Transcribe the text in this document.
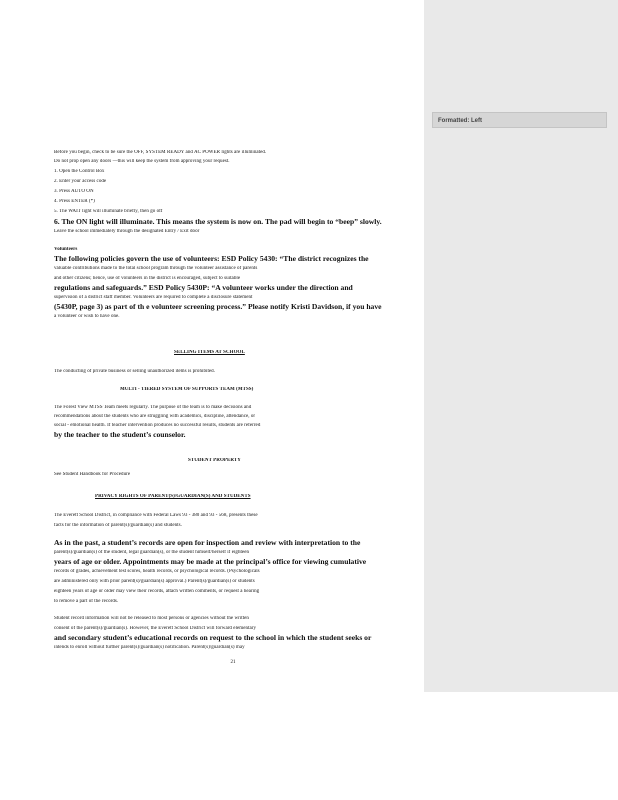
Before you begin, check to be sure the OFF, SYSTEM READY and AC POWER lights are illuminated.
Do not prop open any doors —this will keep the system from approving your request.
1. Open the Control Box
2. Enter your access code
3. Press AUTO ON
4. Press ENTER (*)
5. The WAIT light will illuminate briefly, then go off
6. The ON light will illuminate. This means the system is now on. The pad will begin to “beep” slowly.
Leave the school immediately through the designated Entry / Exit door
Volunteers
The following policies govern the use of volunteers: ESD Policy 5430: “The district recognizes the
valuable contributions made to the total school program through the volunteer assistance of parents
and other citizens; hence, use of volunteers in the district is encouraged, subject to suitable
regulations and safeguards.” ESD Policy 5430P: “A volunteer works under the direction and
supervision of a district staff member. Volunteers are required to complete a disclosure statement
(5430P, page 3) as part of th e volunteer screening process.” Please notify Kristi Davidson, if you have
a volunteer or wish to have one.
SELLING ITEMS AT SCHOOL
The conducting of private business or selling unauthorized items is prohibited.
MULTI - TIERED SYSTEM OF SUPPORTS TEAM (MTSS)
The Forest View MTSS Team meets regularly. The purpose of the team is to make decisions and
recommendations about the students who are struggling with academics, discipline, attendance, or
social - emotional health. If teacher intervention produces no successful results, students are referred
by the teacher to the student’s counselor.
STUDENT PROPERTY
See Student Handbook for Procedure
PRIVACY RIGHTS OF PARENT(S)/GUARDIAN(S) AND STUDENTS
The Everett School District, in compliance with Federal Laws 93 - 380 and 93 - 568, presents these
facts for the information of parent(s)/guardian(s) and students.
As in the past, a student’s records are open for inspection and review with interpretation to the
parent(s)/guardian(s) of the student, legal guardian(s), or the student himself/herself if eighteen
years of age or older. Appointments may be made at the principal’s office for viewing cumulative
records of grades, achievement test scores, health records, or psychological records. (Psychologicals
are administered only with prior parent(s)/guardian(s) approval.) Parent(s)/guardian(s) or students
eighteen years of age or older may view their records, attach written comments, or request a hearing
to remove a part of the records.
Student record information will not be released to most persons or agencies without the written
consent of the parent(s)/guardian(s). However, the Everett School District will forward elementary
and secondary student’s educational records on request to the school in which the student seeks or
intends to enroll without further parent(s)/guardian(s) notification. Parent(s)/guardian(s) may
21
Formatted: Left
